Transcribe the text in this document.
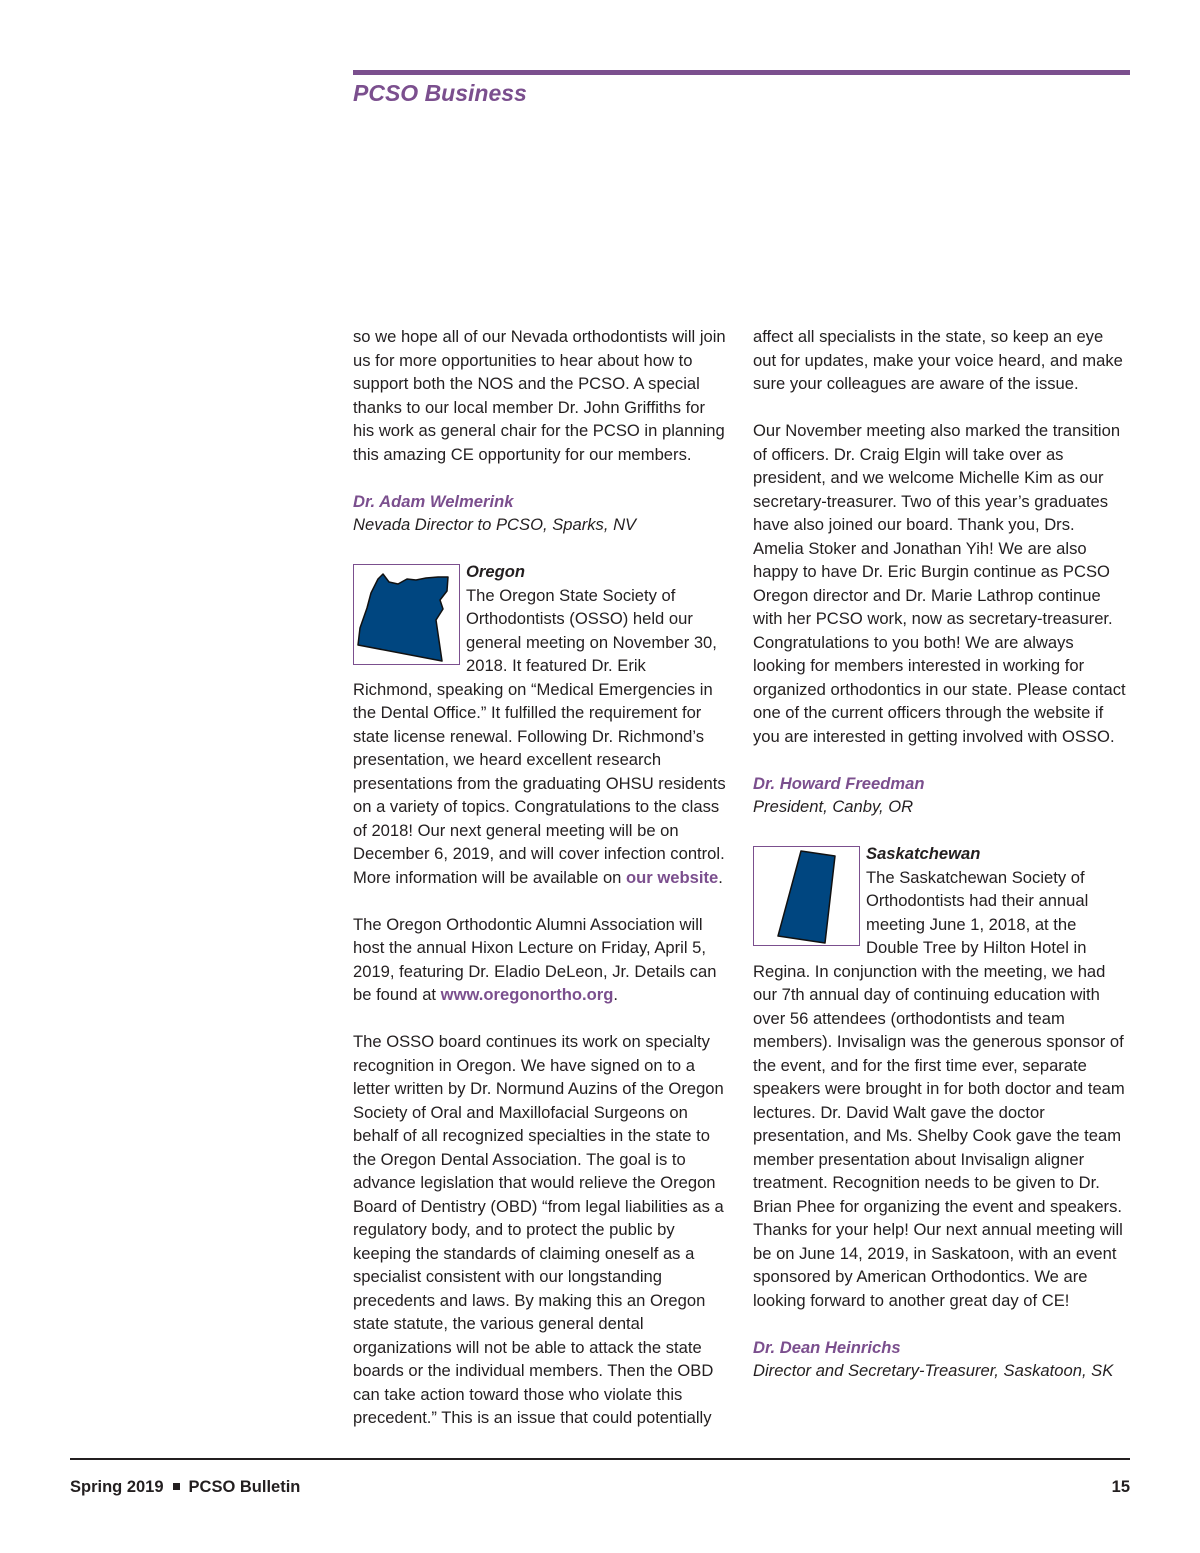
PCSO Business

so we hope all of our Nevada orthodontists will join us for more opportunities to hear about how to support both the NOS and the PCSO. A special thanks to our local member Dr. John Griffiths for his work as general chair for the PCSO in planning this amazing CE opportunity for our members.

Dr. Adam Welmerink
Nevada Director to PCSO, Sparks, NV

Oregon
The Oregon State Society of Orthodontists (OSSO) held our general meeting on November 30, 2018. It featured Dr. Erik Richmond, speaking on “Medical Emergencies in the Dental Office.” It fulfilled the requirement for state license renewal. Following Dr. Richmond’s presentation, we heard excellent research presentations from the graduating OHSU residents on a variety of topics. Congratulations to the class of 2018! Our next general meeting will be on December 6, 2019, and will cover infection control. More information will be available on our website.

The Oregon Orthodontic Alumni Association will host the annual Hixon Lecture on Friday, April 5, 2019, featuring Dr. Eladio DeLeon, Jr. Details can be found at www.oregonortho.org.

The OSSO board continues its work on specialty recognition in Oregon. We have signed on to a letter written by Dr. Normund Auzins of the Oregon Society of Oral and Maxillofacial Surgeons on behalf of all recognized specialties in the state to the Oregon Dental Association. The goal is to advance legislation that would relieve the Oregon Board of Dentistry (OBD) “from legal liabilities as a regulatory body, and to protect the public by keeping the standards of claiming oneself as a specialist consistent with our longstanding precedents and laws. By making this an Oregon state statute, the various general dental organizations will not be able to attack the state boards or the individual members. Then the OBD can take action toward those who violate this precedent.” This is an issue that could potentially

affect all specialists in the state, so keep an eye out for updates, make your voice heard, and make sure your colleagues are aware of the issue.

Our November meeting also marked the transition of officers. Dr. Craig Elgin will take over as president, and we welcome Michelle Kim as our secretary-treasurer. Two of this year’s graduates have also joined our board. Thank you, Drs. Amelia Stoker and Jonathan Yih! We are also happy to have Dr. Eric Burgin continue as PCSO Oregon director and Dr. Marie Lathrop continue with her PCSO work, now as secretary-treasurer. Congratulations to you both! We are always looking for members interested in working for organized orthodontics in our state. Please contact one of the current officers through the website if you are interested in getting involved with OSSO.

Dr. Howard Freedman
President, Canby, OR

Saskatchewan
The Saskatchewan Society of Orthodontists had their annual meeting June 1, 2018, at the Double Tree by Hilton Hotel in Regina. In conjunction with the meeting, we had our 7th annual day of continuing education with over 56 attendees (orthodontists and team members). Invisalign was the generous sponsor of the event, and for the first time ever, separate speakers were brought in for both doctor and team lectures. Dr. David Walt gave the doctor presentation, and Ms. Shelby Cook gave the team member presentation about Invisalign aligner treatment. Recognition needs to be given to Dr. Brian Phee for organizing the event and speakers. Thanks for your help! Our next annual meeting will be on June 14, 2019, in Saskatoon, with an event sponsored by American Orthodontics. We are looking forward to another great day of CE!

Dr. Dean Heinrichs
Director and Secretary-Treasurer, Saskatoon, SK

Spring 2019 PCSO Bulletin	15
